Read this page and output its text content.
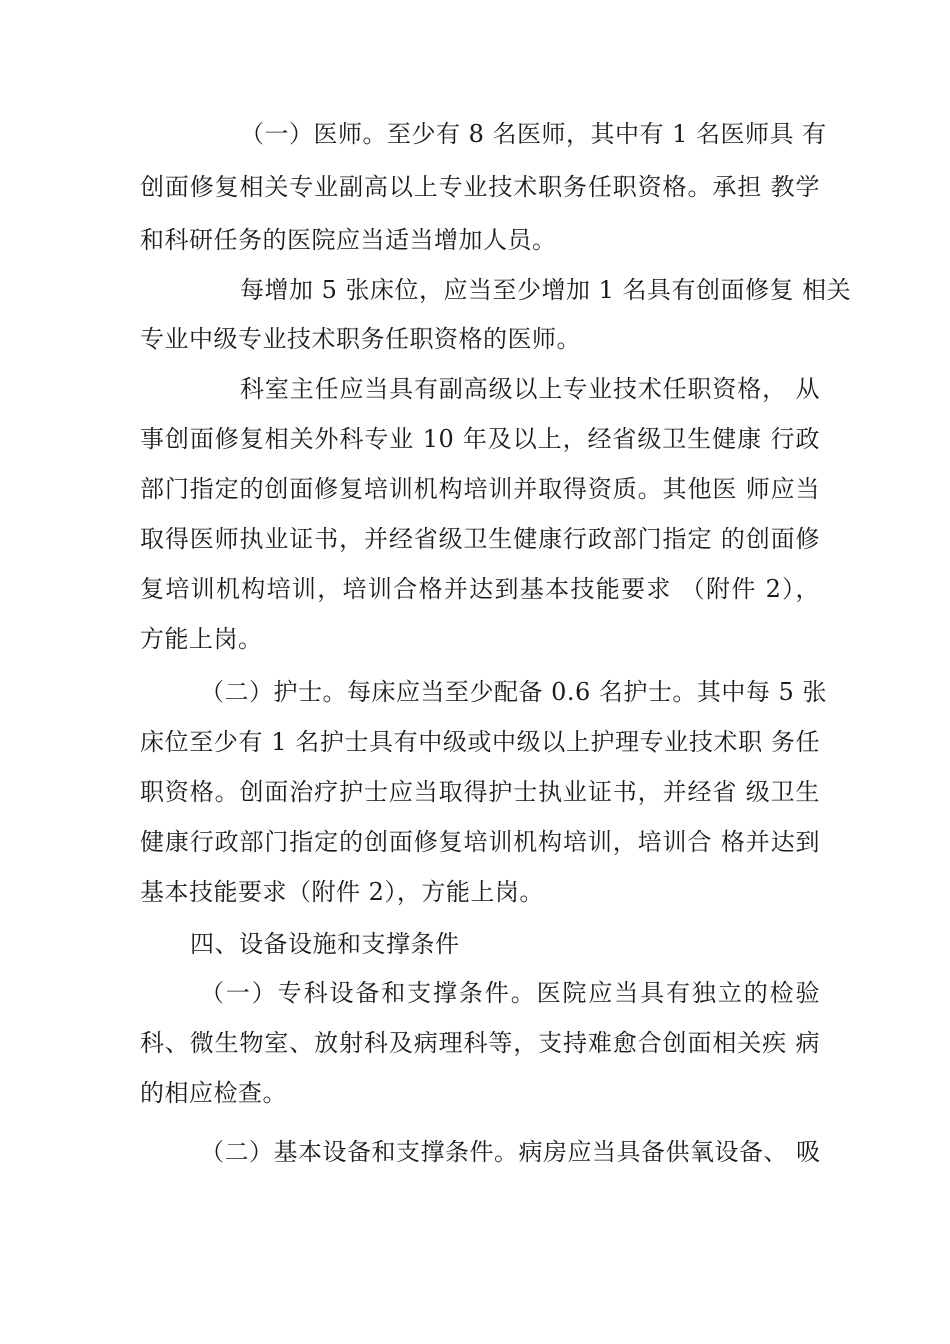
（一）医师。至少有 8 名医师，其中有 1 名医师具 有
创面修复相关专业副高以上专业技术职务任职资格。承担 教学
和科研任务的医院应当适当增加人员。
每增加 5 张床位，应当至少增加 1 名具有创面修复 相关
专业中级专业技术职务任职资格的医师。
科室主任应当具有副高级以上专业技术任职资格， 从
事创面修复相关外科专业 10 年及以上，经省级卫生健康 行政
部门指定的创面修复培训机构培训并取得资质。其他医 师应当
取得医师执业证书，并经省级卫生健康行政部门指定 的创面修
复培训机构培训，培训合格并达到基本技能要求 （附件 2），
方能上岗。
（二）护士。每床应当至少配备 0.6 名护士。其中每 5 张
床位至少有 1 名护士具有中级或中级以上护理专业技术职 务任
职资格。创面治疗护士应当取得护士执业证书，并经省 级卫生
健康行政部门指定的创面修复培训机构培训，培训合 格并达到
基本技能要求（附件 2），方能上岗。
四、设备设施和支撑条件
（一）专科设备和支撑条件。医院应当具有独立的检验
科、微生物室、放射科及病理科等，支持难愈合创面相关疾 病
的相应检查。
（二）基本设备和支撑条件。病房应当具备供氧设备、 吸
